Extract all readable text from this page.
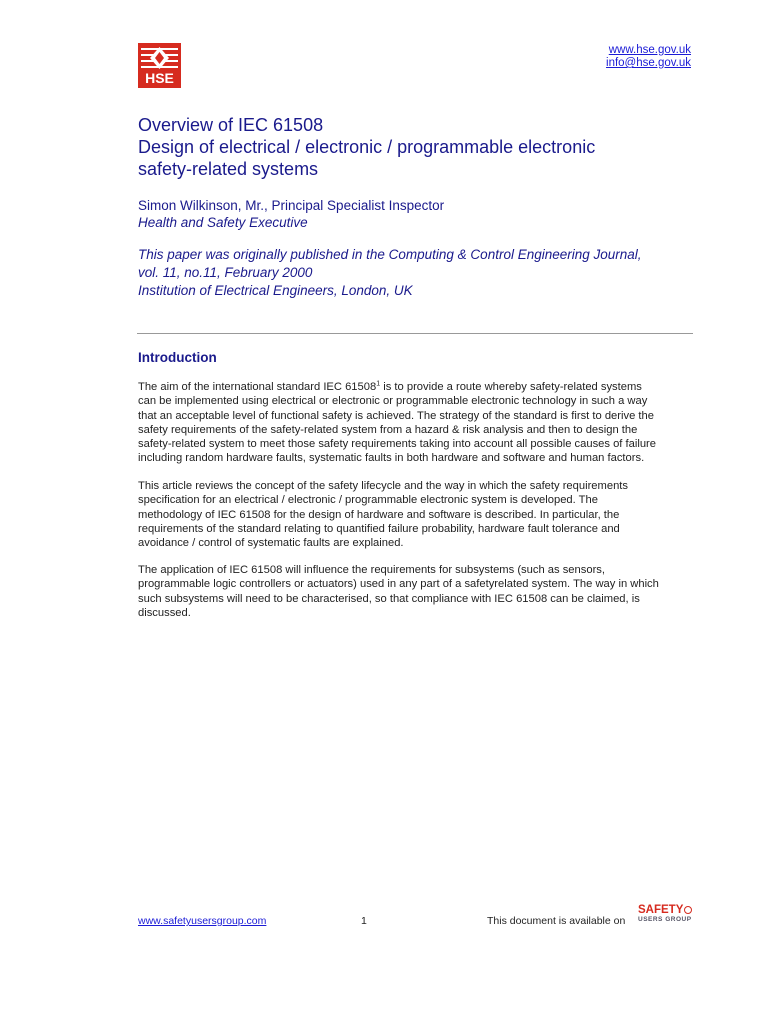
HSE
www.hse.gov.uk
info@hse.gov.uk
Overview of IEC 61508
Design of electrical / electronic / programmable electronic
safety-related systems
Simon Wilkinson, Mr., Principal Specialist Inspector
Health and Safety Executive
This paper was originally published in the Computing & Control Engineering Journal,
vol. 11, no.11, February 2000
Institution of Electrical Engineers, London, UK
Introduction
The aim of the international standard IEC 61508$^1$ is to provide a route whereby safety-related systems
can be implemented using electrical or electronic or programmable electronic technology in such a way
that an acceptable level of functional safety is achieved. The strategy of the standard is first to derive the
safety requirements of the safety-related system from a hazard & risk analysis and then to design the
safety-related system to meet those safety requirements taking into account all possible causes of failure
including random hardware faults, systematic faults in both hardware and software and human factors.
This article reviews the concept of the safety lifecycle and the way in which the safety requirements
specification for an electrical / electronic / programmable electronic system is developed. The
methodology of IEC 61508 for the design of hardware and software is described. In particular, the
requirements of the standard relating to quantified failure probability, hardware fault tolerance and
avoidance / control of systematic faults are explained.
The application of IEC 61508 will influence the requirements for subsystems (such as sensors,
programmable logic controllers or actuators) used in any part of a safetyrelated system. The way in which
such subsystems will need to be characterised, so that compliance with IEC 61508 can be claimed, is
discussed.
www.safetyusersgroup.com	1	This document is available on
SAFETY
USERS GROUP
